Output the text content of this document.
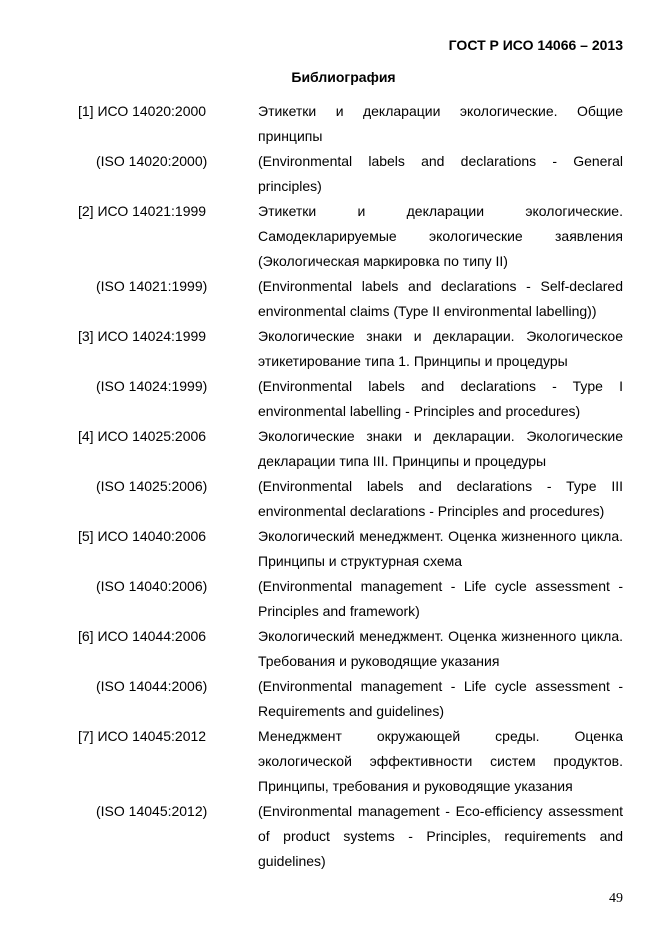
ГОСТ Р ИСО 14066 – 2013
Библиография
[1] ИСО 14020:2000	Этикетки и декларации экологические. Общие принципы
(ISO 14020:2000)	(Environmental labels and declarations - General principles)
[2] ИСО 14021:1999	Этикетки и декларации экологические. Самодекларируемые экологические заявления (Экологическая маркировка по типу II)
(ISO 14021:1999)	(Environmental labels and declarations - Self-declared environmental claims (Type II environmental labelling))
[3] ИСО 14024:1999	Экологические знаки и декларации. Экологическое этикетирование типа 1. Принципы и процедуры
(ISO 14024:1999)	(Environmental labels and declarations - Type I environmental labelling - Principles and procedures)
[4] ИСО 14025:2006	Экологические знаки и декларации. Экологические декларации типа III. Принципы и процедуры
(ISO 14025:2006)	(Environmental labels and declarations - Type III environmental declarations - Principles and procedures)
[5] ИСО 14040:2006	Экологический менеджмент. Оценка жизненного цикла. Принципы и структурная схема
(ISO 14040:2006)	(Environmental management - Life cycle assessment - Principles and framework)
[6] ИСО 14044:2006	Экологический менеджмент. Оценка жизненного цикла. Требования и руководящие указания
(ISO 14044:2006)	(Environmental management - Life cycle assessment - Requirements and guidelines)
[7] ИСО 14045:2012	Менеджмент окружающей среды. Оценка экологической эффективности систем продуктов. Принципы, требования и руководящие указания
(ISO 14045:2012)	(Environmental management - Eco-efficiency assessment of product systems - Principles, requirements and guidelines)
49
